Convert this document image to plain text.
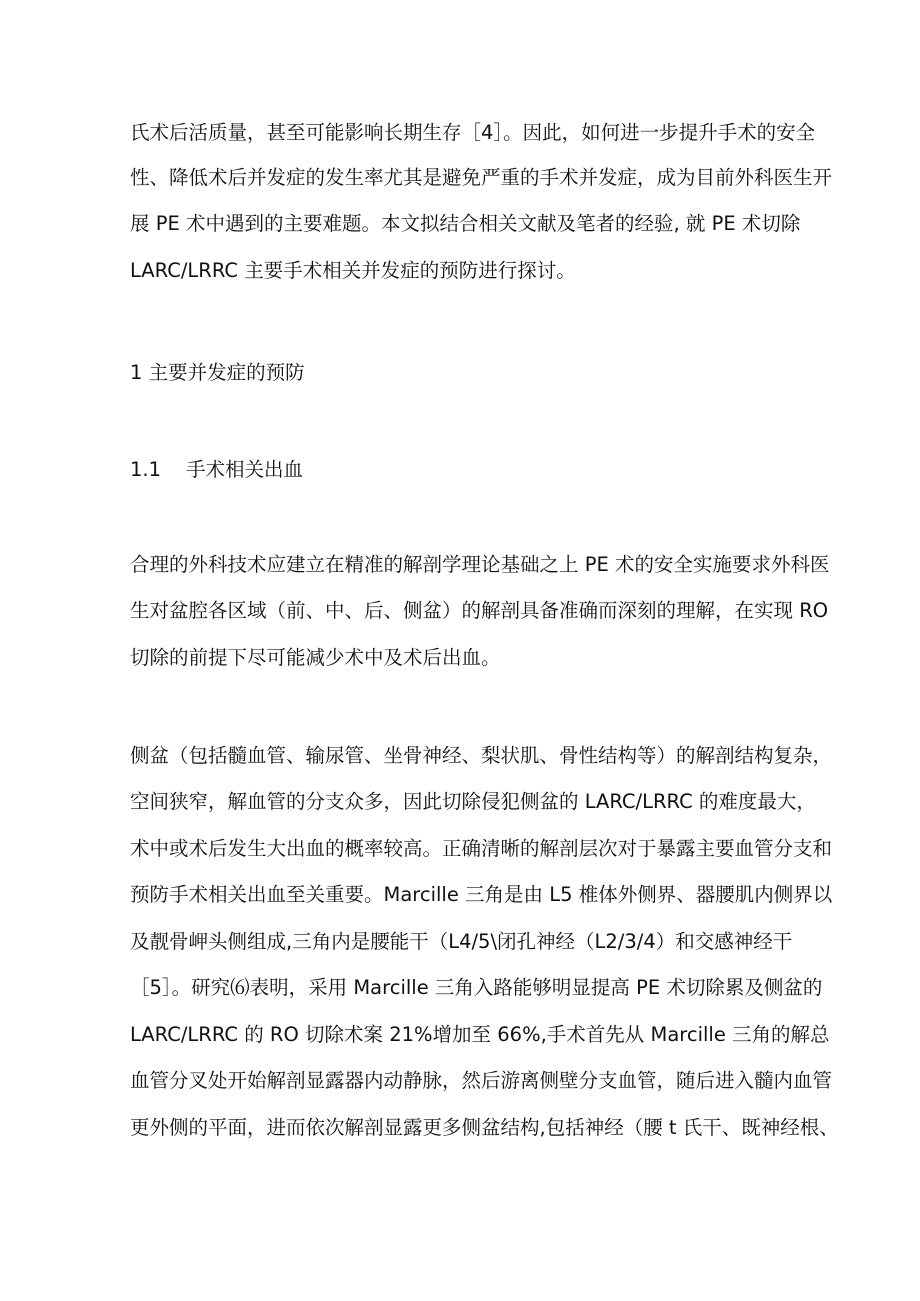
氏术后活质量，甚至可能影响长期生存［4］。因此，如何进一步提升手术的安全
性、降低术后并发症的发生率尤其是避免严重的手术并发症，成为目前外科医生开
展 PE 术中遇到的主要难题。本文拟结合相关文献及笔者的经验, 就 PE 术切除
LARC/LRRC 主要手术相关并发症的预防进行探讨。
1 主要并发症的预防
1.1 手术相关出血
合理的外科技术应建立在精准的解剖学理论基础之上 PE 术的安全实施要求外科医
生对盆腔各区域（前、中、后、侧盆）的解剖具备准确而深刻的理解，在实现 RO
切除的前提下尽可能减少术中及术后出血。
侧盆（包括髓血管、输尿管、坐骨神经、梨状肌、骨性结构等）的解剖结构复杂，
空间狭窄，解血管的分支众多，因此切除侵犯侧盆的 LARC/LRRC 的难度最大，
术中或术后发生大出血的概率较高。正确清晰的解剖层次对于暴露主要血管分支和
预防手术相关出血至关重要。Marcille 三角是由 L5 椎体外侧界、器腰肌内侧界以
及靓骨岬头侧组成,三角内是腰能干（L4/5\闭孔神经（L2/3/4）和交感神经干
［5］。研究⑹表明，采用 Marcille 三角入路能够明显提高 PE 术切除累及侧盆的
LARC/LRRC 的 RO 切除术案 21%增加至 66%,手术首先从 Marcille 三角的解总
血管分叉处开始解剖显露器内动静脉，然后游离侧壁分支血管，随后进入髓内血管
更外侧的平面，进而依次解剖显露更多侧盆结构,包括神经（腰 t 氏干、既神经根、
